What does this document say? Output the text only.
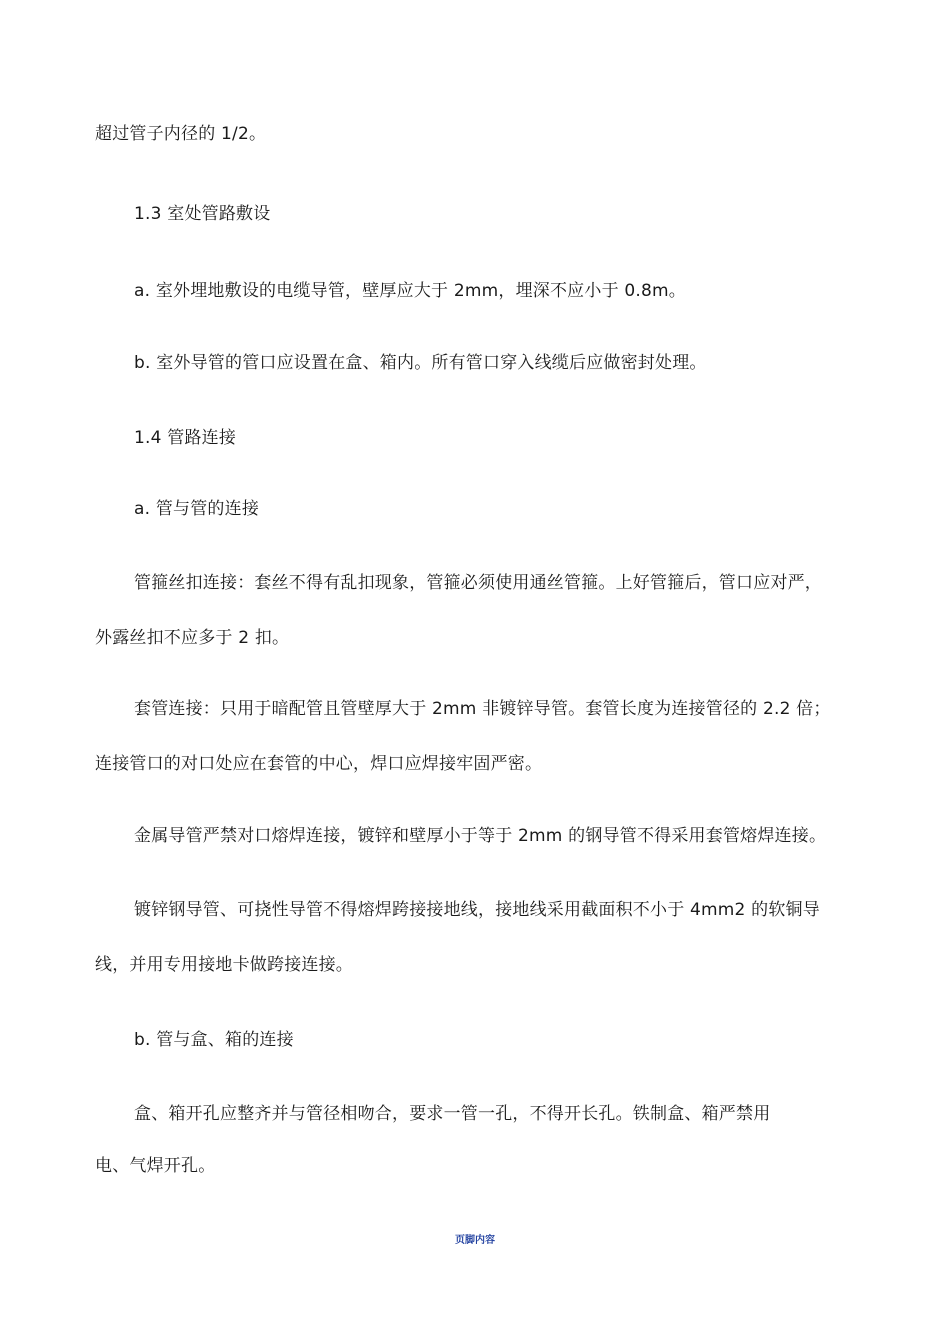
超过管子内径的 1/2。
1.3 室处管路敷设
a. 室外埋地敷设的电缆导管，壁厚应大于 2mm，埋深不应小于 0.8m。
b. 室外导管的管口应设置在盒、箱内。所有管口穿入线缆后应做密封处理。
1.4 管路连接
a. 管与管的连接
管箍丝扣连接：套丝不得有乱扣现象，管箍必须使用通丝管箍。上好管箍后，管口应对严，
外露丝扣不应多于 2 扣。
套管连接：只用于暗配管且管壁厚大于 2mm 非镀锌导管。套管长度为连接管径的 2.2 倍；
连接管口的对口处应在套管的中心，焊口应焊接牢固严密。
金属导管严禁对口熔焊连接，镀锌和壁厚小于等于 2mm 的钢导管不得采用套管熔焊连接。
镀锌钢导管、可挠性导管不得熔焊跨接接地线，接地线采用截面积不小于 4mm2 的软铜导
线，并用专用接地卡做跨接连接。
b. 管与盒、箱的连接
盒、箱开孔应整齐并与管径相吻合，要求一管一孔，不得开长孔。铁制盒、箱严禁用
电、气焊开孔。
页脚内容
